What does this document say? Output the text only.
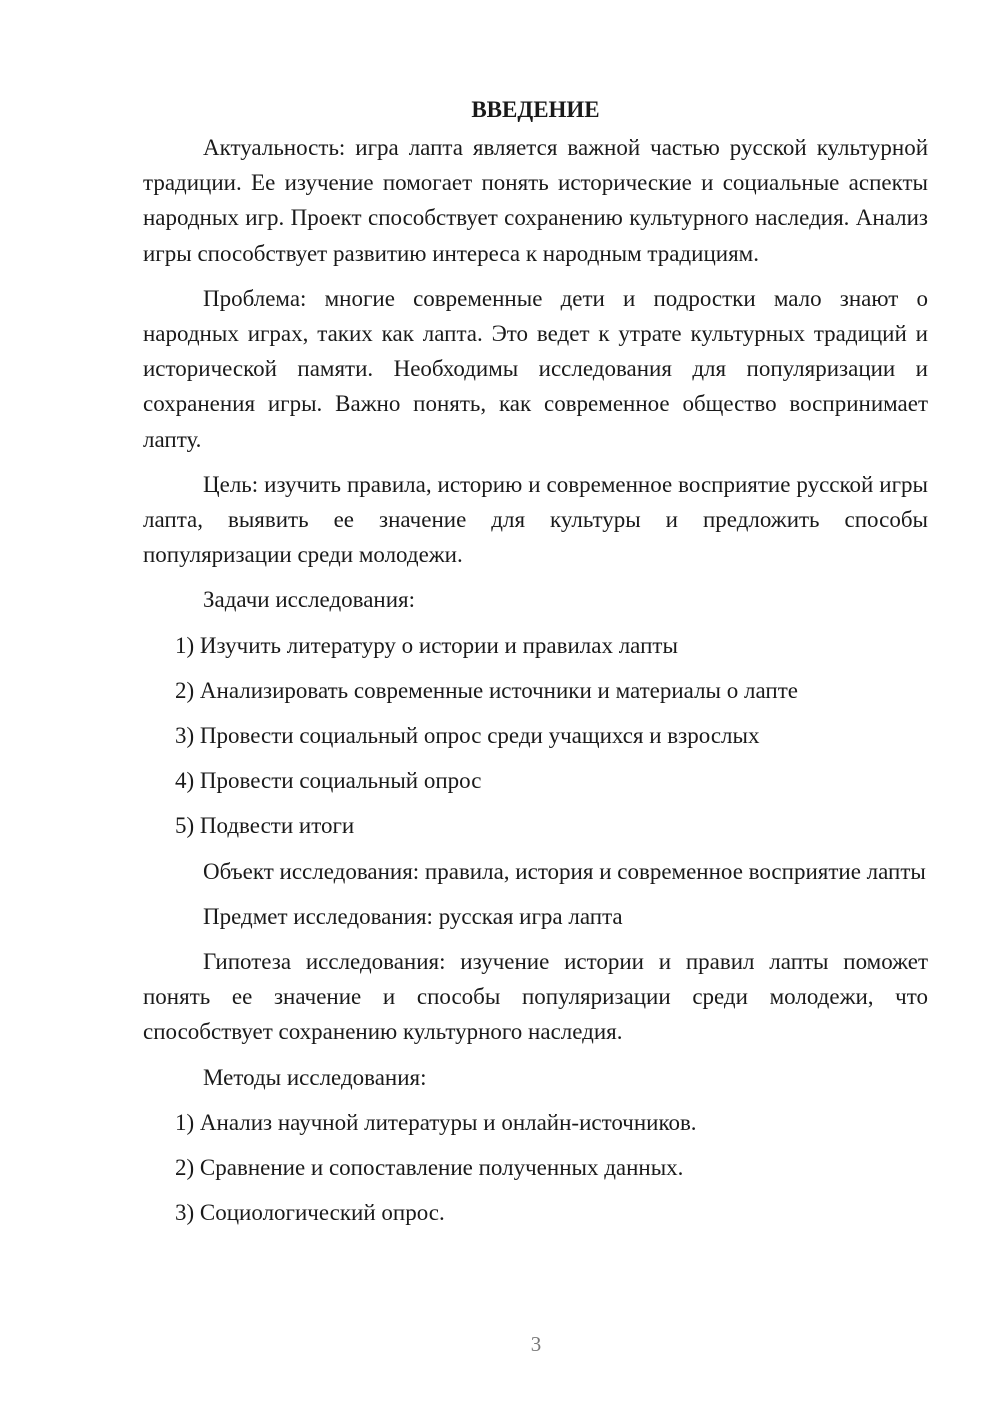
ВВЕДЕНИЕ

Актуальность: игра лапта является важной частью русской культурной традиции. Ее изучение помогает понять исторические и социальные аспекты народных игр. Проект способствует сохранению культурного наследия. Анализ игры способствует развитию интереса к народным традициям.

Проблема: многие современные дети и подростки мало знают о народных играх, таких как лапта. Это ведет к утрате культурных традиций и исторической памяти. Необходимы исследования для популяризации и сохранения игры. Важно понять, как современное общество воспринимает лапту.

Цель: изучить правила, историю и современное восприятие русской игры лапта, выявить ее значение для культуры и предложить способы популяризации среди молодежи.

Задачи исследования:

1) Изучить литературу о истории и правилах лапты
2) Анализировать современные источники и материалы о лапте
3) Провести социальный опрос среди учащихся и взрослых
4) Провести социальный опрос
5) Подвести итоги

Объект исследования: правила, история и современное восприятие лапты

Предмет исследования: русская игра лапта

Гипотеза исследования: изучение истории и правил лапты поможет понять ее значение и способы популяризации среди молодежи, что способствует сохранению культурного наследия.

Методы исследования:

1) Анализ научной литературы и онлайн-источников.
2) Сравнение и сопоставление полученных данных.
3) Социологический опрос.
3
